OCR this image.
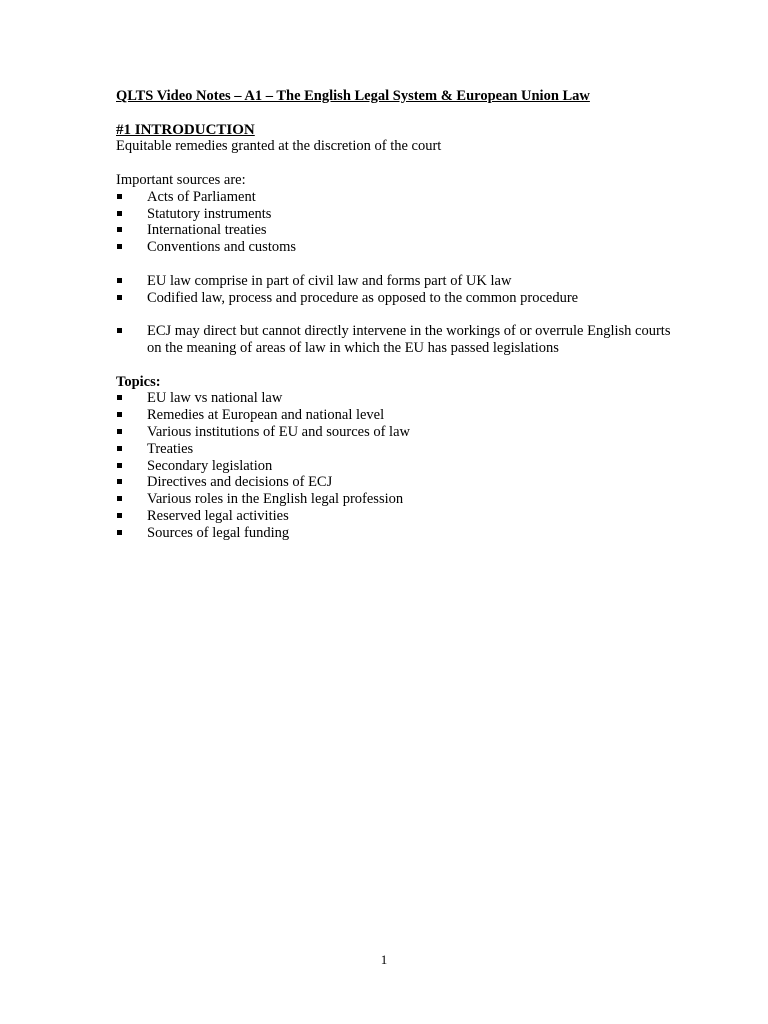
QLTS Video Notes – A1 – The English Legal System & European Union Law

#1 INTRODUCTION

Equitable remedies granted at the discretion of the court

Important sources are:

Acts of Parliament
Statutory instruments
International treaties
Conventions and customs
EU law comprise in part of civil law and forms part of UK law
Codified law, process and procedure as opposed to the common procedure
ECJ may direct but cannot directly intervene in the workings of or overrule English courts on the meaning of areas of law in which the EU has passed legislations

Topics:

EU law vs national law
Remedies at European and national level
Various institutions of EU and sources of law
Treaties
Secondary legislation
Directives and decisions of ECJ
Various roles in the English legal profession
Reserved legal activities
Sources of legal funding
1
